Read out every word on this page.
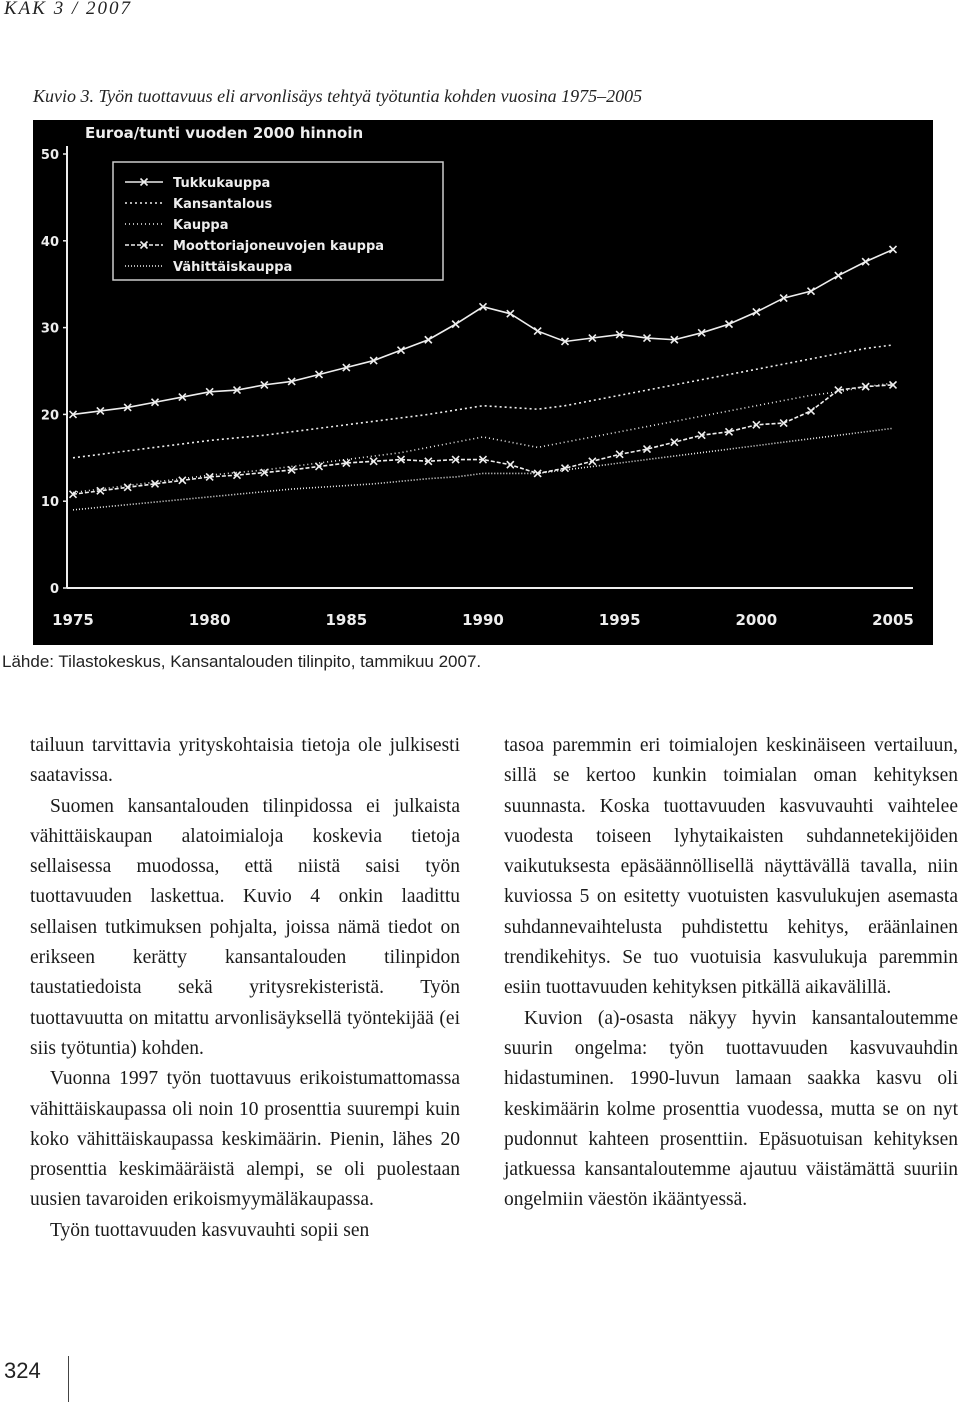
KAK 3 / 2007
Kuvio 3. Työn tuottavuus eli arvonlisäys tehtyä työtuntia kohden vuosina 1975–2005
Euroa/tunti vuoden 2000 hinnoin
0
10
20
30
40
50
1975	1980	1985	1990	1995	2000	2005
Tukkukauppa
Kansantalous
Kauppa
Moottoriajoneuvojen kauppa
Vähittäiskauppa
Lähde: Tilastokeskus, Kansantalouden tilinpito, tammikuu 2007.

tailuun tarvittavia yrityskohtaisia tietoja ole julkisesti saatavissa.

Suomen kansantalouden tilinpidossa ei julkaista vähittäiskaupan alatoimialoja koskevia tietoja sellaisessa muodossa, että niistä saisi työn tuottavuuden laskettua. Kuvio 4 onkin laadittu sellaisen tutkimuksen pohjalta, joissa nämä tiedot on erikseen kerätty kansantalouden tilinpidon taustatiedoista sekä yritysrekisteristä. Työn tuottavuutta on mitattu arvonlisäyksellä työntekijää (ei siis työtuntia) kohden.

Vuonna 1997 työn tuottavuus erikoistumattomassa vähittäiskaupassa oli noin 10 prosenttia suurempi kuin koko vähittäiskaupassa keskimäärin. Pienin, lähes 20 prosenttia keskimääräistä alempi, se oli puolestaan uusien tavaroiden erikoismyymäläkaupassa.

Työn tuottavuuden kasvuvauhti sopii sen

tasoa paremmin eri toimialojen keskinäiseen vertailuun, sillä se kertoo kunkin toimialan oman kehityksen suunnasta. Koska tuottavuuden kasvuvauhti vaihtelee vuodesta toiseen lyhytaikaisten suhdannetekijöiden vaikutuksesta epäsäännöllisellä näyttävällä tavalla, niin kuviossa 5 on esitetty vuotuisten kasvulukujen asemasta suhdannevaihtelusta puhdistettu kehitys, eräänlainen trendikehitys. Se tuo vuotuisia kasvulukuja paremmin esiin tuottavuuden kehityksen pitkällä aikavälillä.

Kuvion (a)-osasta näkyy hyvin kansantaloutemme suurin ongelma: työn tuottavuuden kasvuvauhdin hidastuminen. 1990-luvun lamaan saakka kasvu oli keskimäärin kolme prosenttia vuodessa, mutta se on nyt pudonnut kahteen prosenttiin. Epäsuotuisan kehityksen jatkuessa kansantaloutemme ajautuu väistämättä suuriin ongelmiin väestön ikääntyessä.

324
